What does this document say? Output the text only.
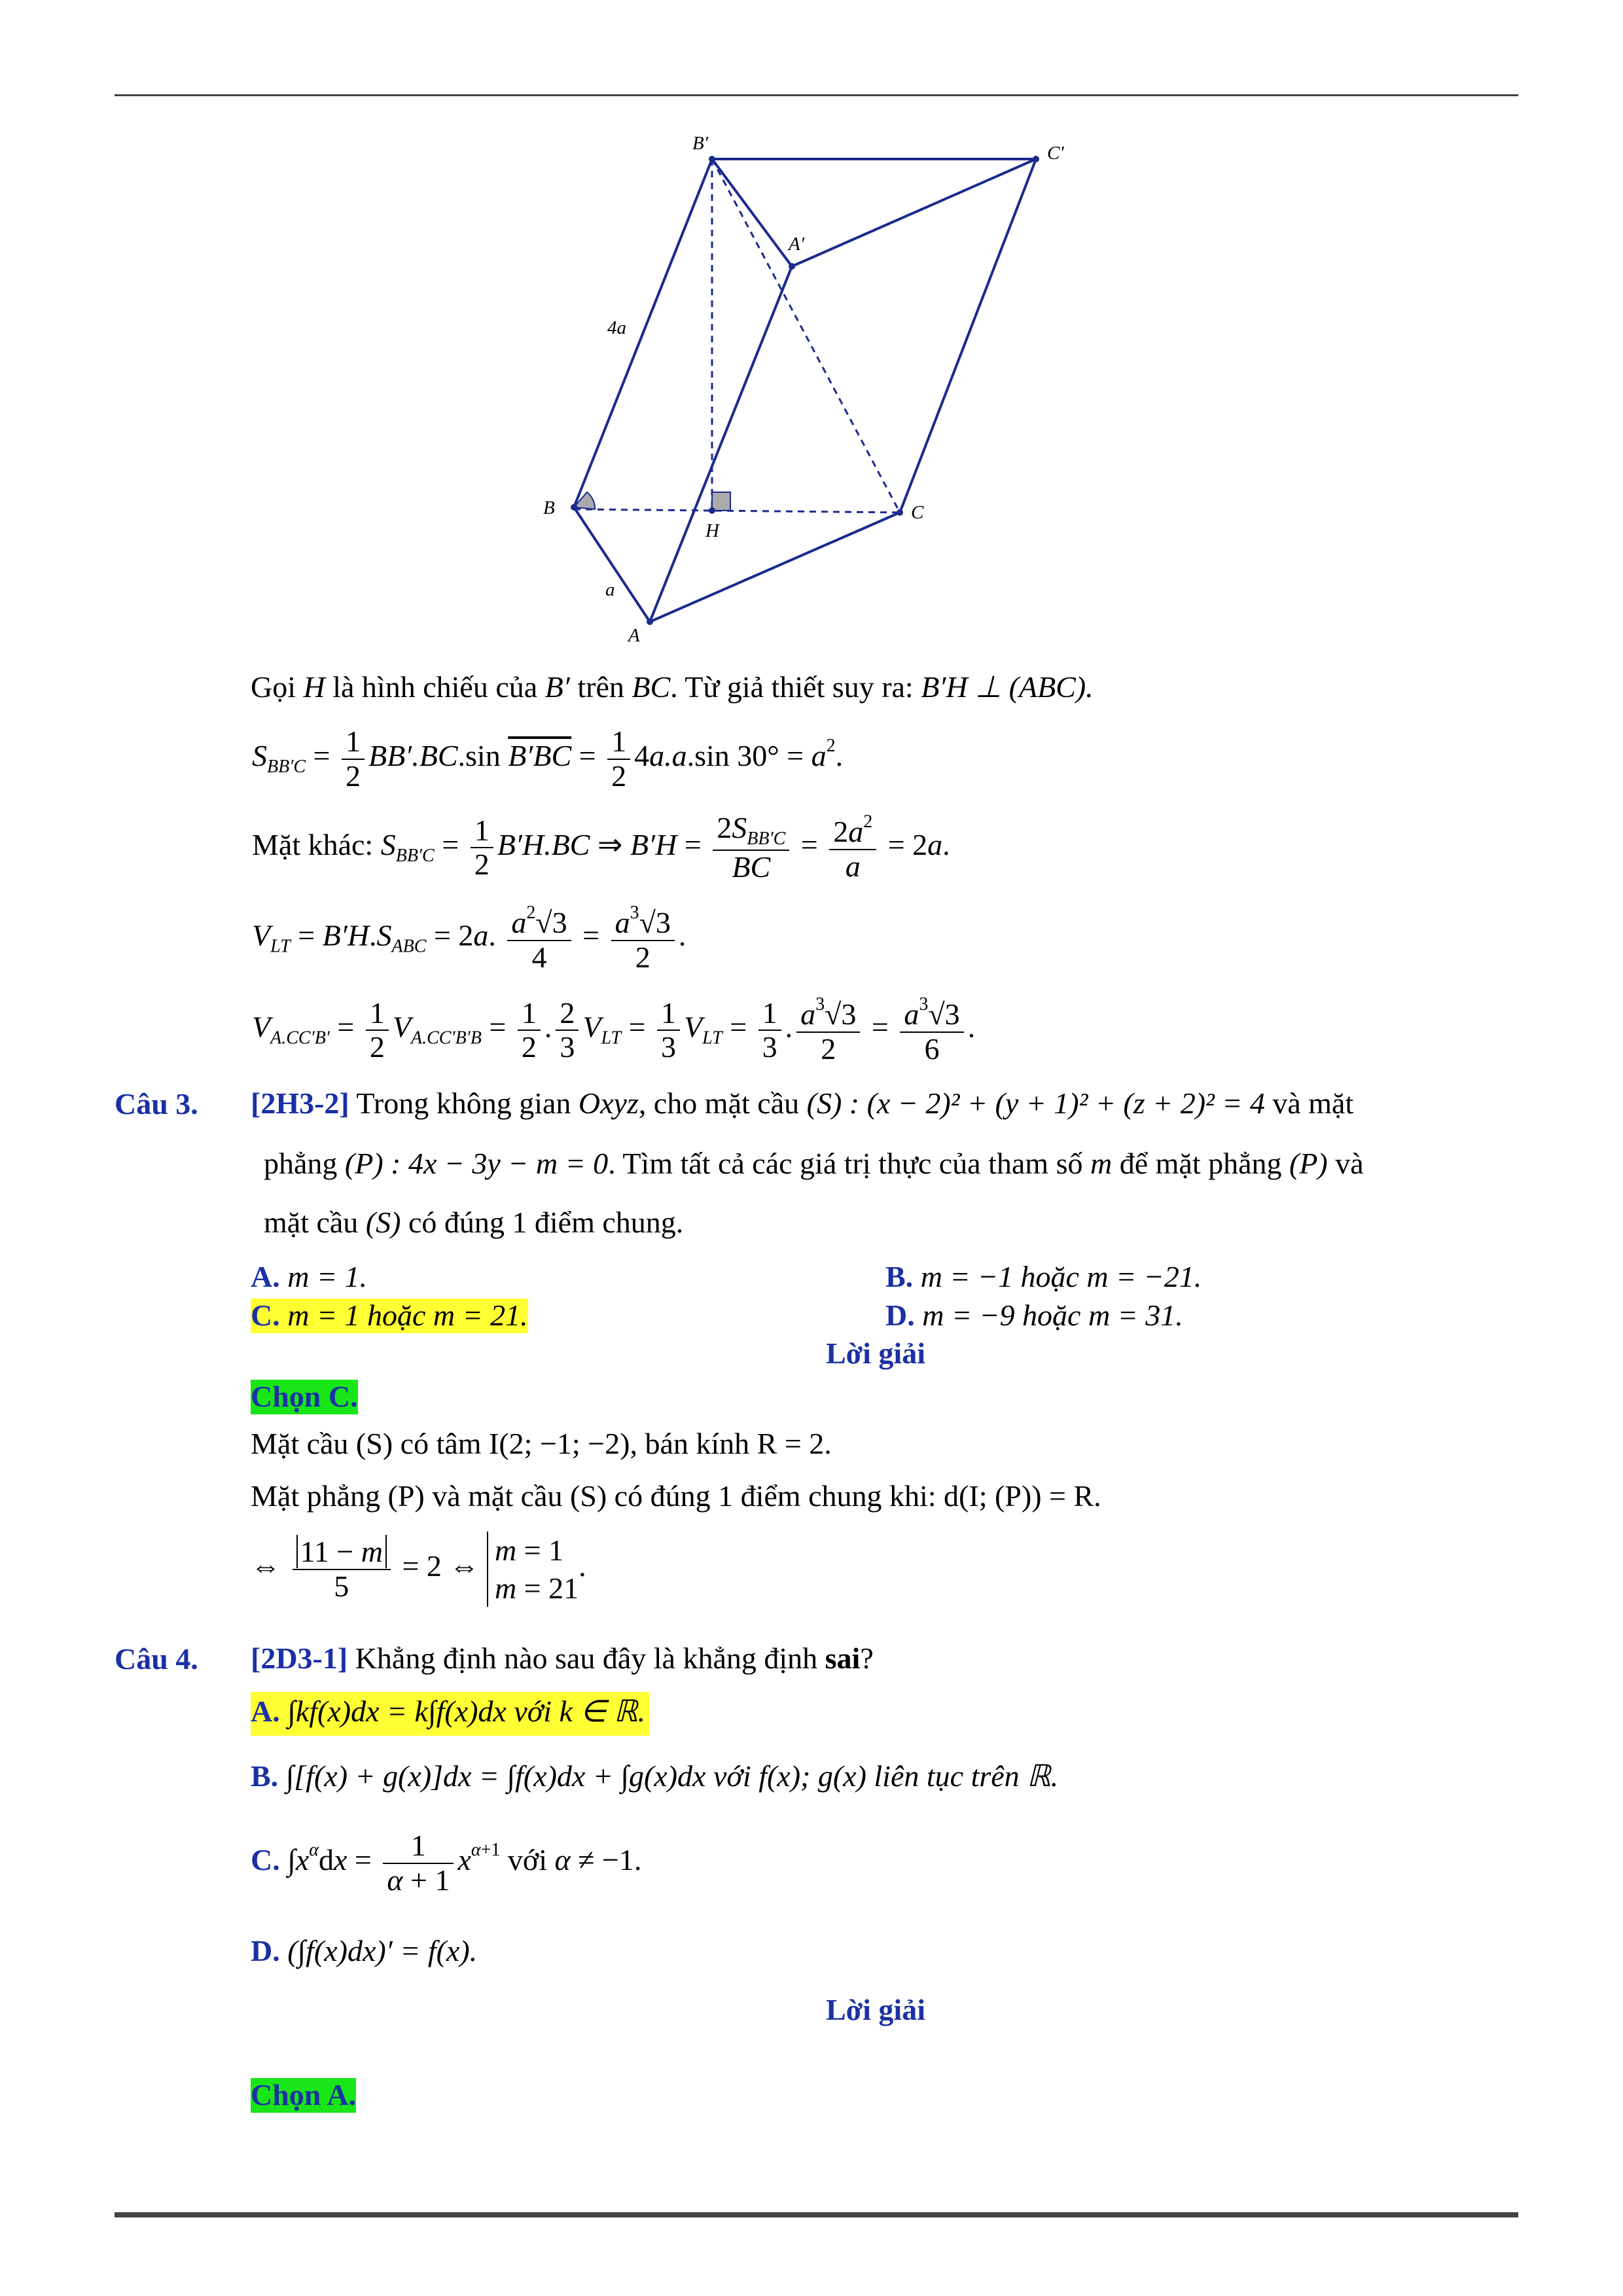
B′	C′
A′
4a
B
H
C
a
A
Gọi H là hình chiếu của B′ trên BC. Từ giả thiết suy ra: B′H ⊥ (ABC).
$S_{BB'C} = \frac{1}{2} BB'.BC.\sin$ $B'BC = \frac{1}{2} 4a.a.\sin$ $30^\circ = a^2$.
Mặt khác: $S_{BB'C} = \frac{1}{2} B'H.BC$ ⇒ $B'H = \frac{2S_{BB'C}}{BC} = \frac{2a^2}{a} = 2a$.
$V_{LT} = B'H.S_{ABC} = 2a$. $\frac{a^2√3}{4} = \frac{a^3√3}{2}$ .
$V_{A.CC'B'} = \frac{1}{2} V_{A.CC'B'B} = \frac{1}{2}$ . $\frac{2}{3} V_{LT} = \frac{1}{3} V_{LT} = \frac{1}{3}$ . $\frac{a^3√3}{2} = \frac{a^3√3}{6}$ .
Câu 3. [2H3-2] Trong không gian Oxyz, cho mặt cầu (S) : (x − 2)² + (y + 1)² + (z + 2)² = 4 và mặt
phẳng (P) : 4x − 3y − m = 0. Tìm tất cả các giá trị thực của tham số m để mặt phẳng (P) và
mặt cầu (S) có đúng 1 điểm chung.
A. m = 1.	B. m = −1 hoặc m = −21.
C. m = 1 hoặc m = 21.	D. m = −9 hoặc m = 31.
Lời giải
Chọn C.
Mặt cầu (S) có tâm I(2; −1; −2), bán kính R = 2.
Mặt phẳng (P) và mặt cầu (S) có đúng 1 điểm chung khi: d(I; (P)) = R.
⇔ $\frac{11 - m}{5} = 2$ ⇔ m = 1
m = 21.
Câu 4. [2D3-1] Khẳng định nào sau đây là khẳng định sai?
A. ∫kf(x)dx = k∫f(x)dx với k ∈ ℝ.
B. ∫[f(x) + g(x)]dx = ∫f(x)dx + ∫g(x)dx với f(x); g(x) liên tục trên ℝ.
C. $\int x^\alpha dx = \frac{1}{\alpha + 1} x^{\alpha+1}$ với α ≠ −1.
D. (∫f(x)dx)′ = f(x).
Lời giải
Chọn A.
